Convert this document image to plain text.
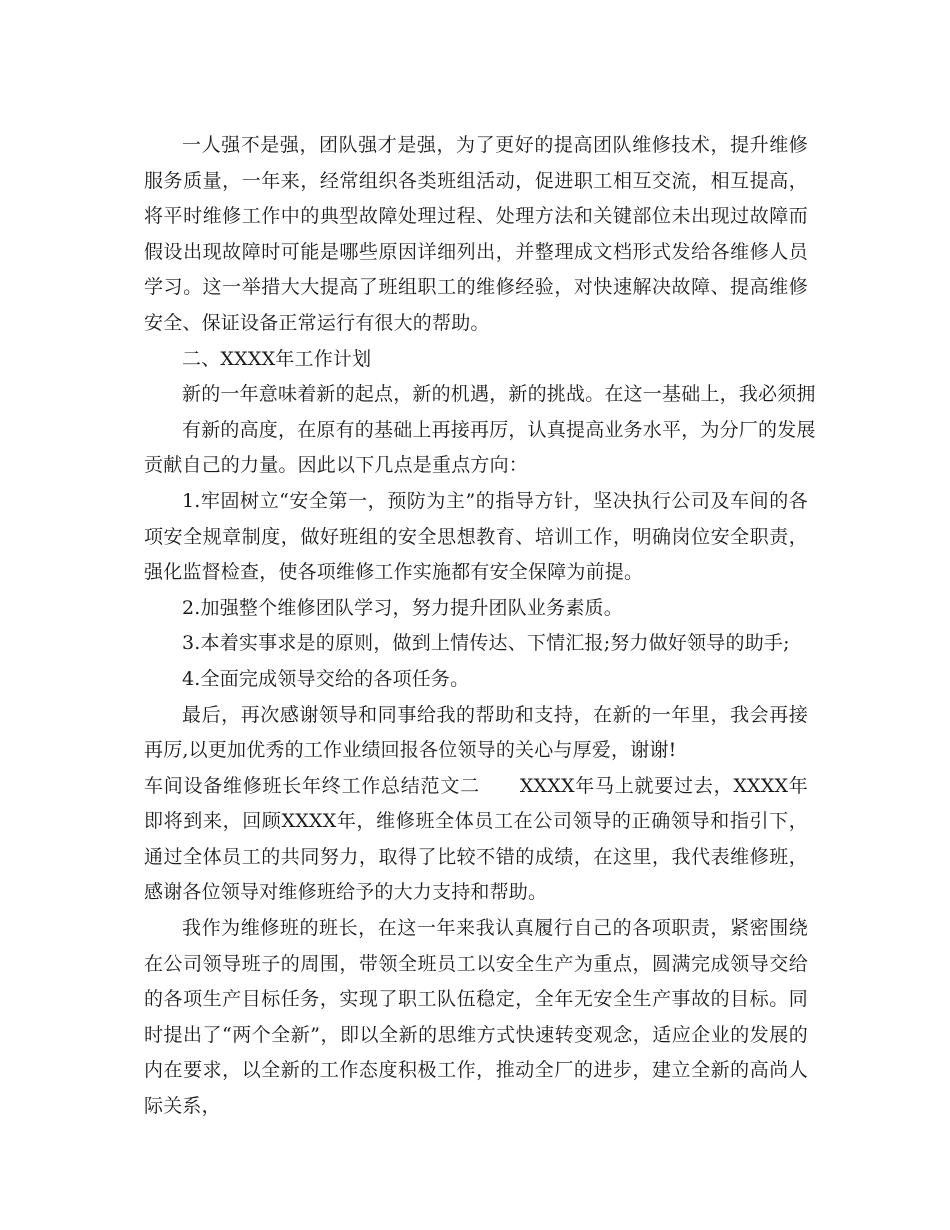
一人强不是强，团队强才是强，为了更好的提高团队维修技术，提升维修服务质量，一年来，经常组织各类班组活动，促进职工相互交流，相互提高，将平时维修工作中的典型故障处理过程、处理方法和关键部位未出现过故障而假设出现故障时可能是哪些原因详细列出，并整理成文档形式发给各维修人员学习。这一举措大大提高了班组职工的维修经验，对快速解决故障、提高维修安全、保证设备正常运行有很大的帮助。

二、XXXX年工作计划

新的一年意味着新的起点，新的机遇，新的挑战。在这一基础上，我必须拥

有新的高度，在原有的基础上再接再厉，认真提高业务水平，为分厂的发展

贡献自己的力量。因此以下几点是重点方向：

1.牢固树立“安全第一，预防为主”的指导方针，坚决执行公司及车间的各项安全规章制度，做好班组的安全思想教育、培训工作，明确岗位安全职责，强化监督检查，使各项维修工作实施都有安全保障为前提。

2.加强整个维修团队学习，努力提升团队业务素质。

3.本着实事求是的原则，做到上情传达、下情汇报;努力做好领导的助手;

4.全面完成领导交给的各项任务。

最后，再次感谢领导和同事给我的帮助和支持，在新的一年里，我会再接再厉,以更加优秀的工作业绩回报各位领导的关心与厚爱，谢谢!

车间设备维修班长年终工作总结范文二 XXXX年马上就要过去，XXXX年即将到来，回顾XXXX年，维修班全体员工在公司领导的正确领导和指引下，通过全体员工的共同努力，取得了比较不错的成绩，在这里，我代表维修班，感谢各位领导对维修班给予的大力支持和帮助。

我作为维修班的班长，在这一年来我认真履行自己的各项职责，紧密围绕在公司领导班子的周围，带领全班员工以安全生产为重点，圆满完成领导交给的各项生产目标任务，实现了职工队伍稳定，全年无安全生产事故的目标。同时提出了“两个全新”，即以全新的思维方式快速转变观念，适应企业的发展的内在要求，以全新的工作态度积极工作，推动全厂的进步，建立全新的高尚人际关系，
